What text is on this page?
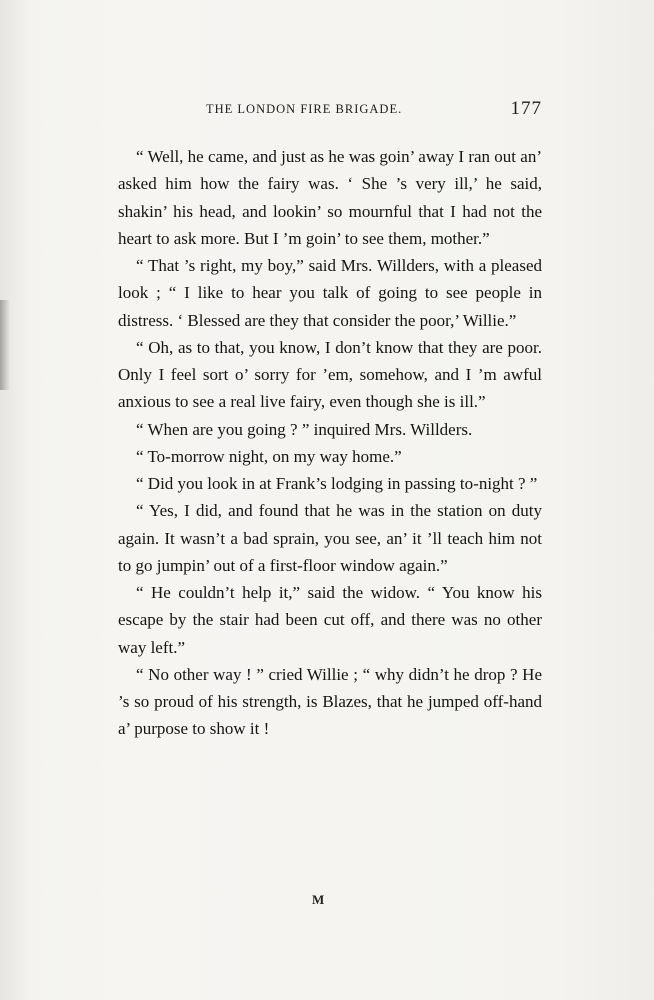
THE LONDON FIRE BRIGADE.	177

“ Well, he came, and just as he was goin’ away I ran out an’ asked him how the fairy was. ‘ She ’s very ill,’ he said, shakin’ his head, and lookin’ so mournful that I had not the heart to ask more. But I ’m goin’ to see them, mother.”

“ That ’s right, my boy,” said Mrs. Willders, with a pleased look ; “ I like to hear you talk of going to see people in distress. ‘ Blessed are they that consider the poor,’ Willie.”

“ Oh, as to that, you know, I don’t know that they are poor. Only I feel sort o’ sorry for ’em, somehow, and I ’m awful anxious to see a real live fairy, even though she is ill.”

“ When are you going ? ” inquired Mrs. Willders.

“ To-morrow night, on my way home.”

“ Did you look in at Frank’s lodging in passing to-night ? ”

“ Yes, I did, and found that he was in the station on duty again. It wasn’t a bad sprain, you see, an’ it ’ll teach him not to go jumpin’ out of a first-floor window again.”

“ He couldn’t help it,” said the widow. “ You know his escape by the stair had been cut off, and there was no other way left.”

“ No other way ! ” cried Willie ; “ why didn’t he drop ? He ’s so proud of his strength, is Blazes, that he jumped off-hand a’ purpose to show it !

M
